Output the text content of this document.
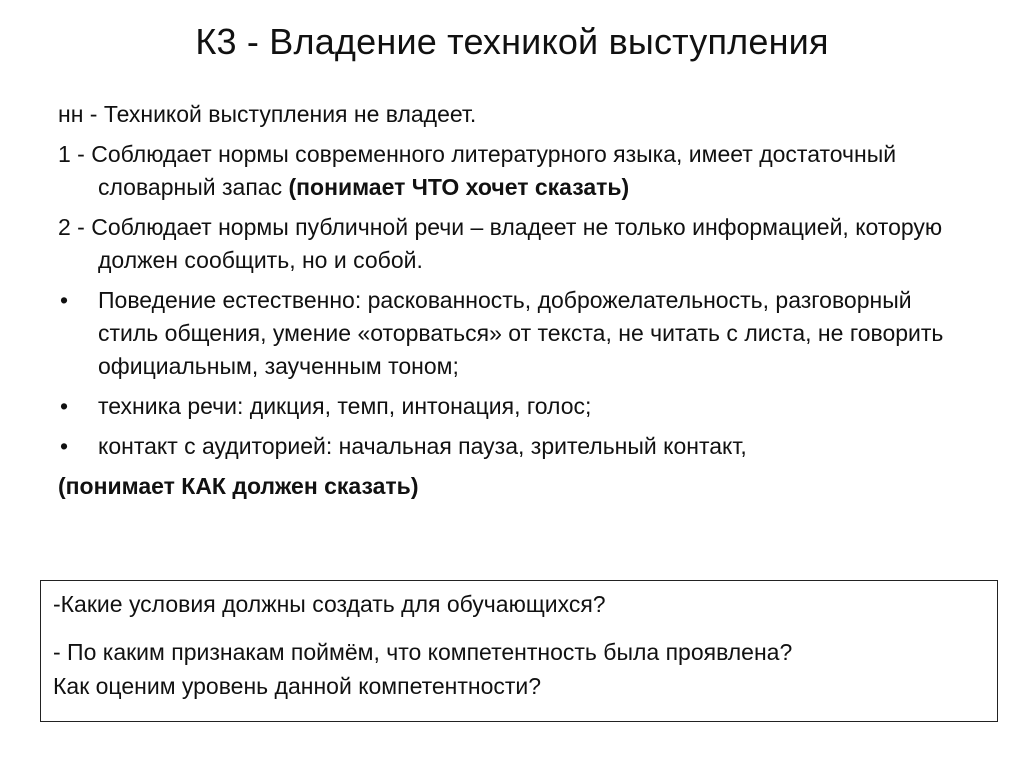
К3 - Владение техникой выступления
нн - Техникой выступления не владеет.
1 - Соблюдает нормы современного литературного языка, имеет достаточный словарный запас (понимает ЧТО хочет сказать)
2 - Соблюдает нормы публичной речи – владеет не только информацией, которую должен сообщить, но и собой.
• Поведение естественно: раскованность, доброжелательность, разговорный стиль общения, умение «оторваться» от текста, не читать с листа, не говорить официальным, заученным тоном;
• техника речи: дикция, темп, интонация, голос;
• контакт с аудиторией: начальная пауза, зрительный контакт,
(понимает КАК должен сказать)
-Какие условия должны создать для обучающихся?
- По каким признакам поймём, что компетентность была проявлена?
Как оценим уровень данной компетентности?
